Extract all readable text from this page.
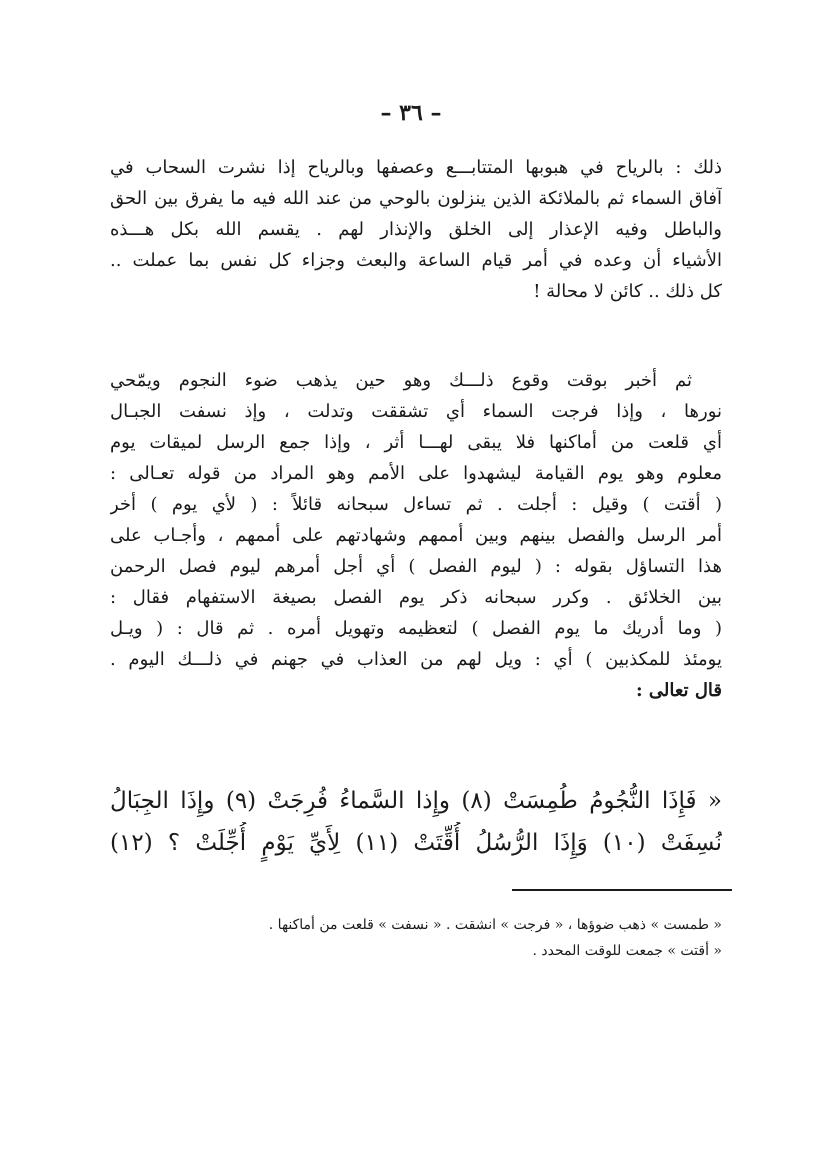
– ٣٦ –
ذلك : بالرياح في هبوبها المتتابـــع وعصفها وبالرياح إذا نشرت السحاب في
آفاق السماء ثم بالملائكة الذين ينزلون بالوحي من عند الله فيه ما يفرق بين الحق
والباطل وفيه الإعذار إلى الخلق والإنذار لهم . يقسم الله بكل هـــذه
الأشياء أن وعده في أمر قيام الساعة والبعث وجزاء كل نفس بما عملت ..
كل ذلك .. كائن لا محالة !
ثم أخبر بوقت وقوع ذلـــك وهو حين يذهب ضوء النجوم ويمّحي
نورها ، وإذا فرجت السماء أي تشققت وتدلت ، وإذ نسفت الجبـال
أي قلعت من أماكنها فلا يبقى لهـــا أثر ، وإذا جمع الرسل لميقات يوم
معلوم وهو يوم القيامة ليشهدوا على الأمم وهو المراد من قوله تعـالى :
( أقتت ) وقيل : أجلت . ثم تساءل سبحانه قائلاً : ( لأي يوم ) أخر
أمر الرسل والفصل بينهم وبين أممهم وشهادتهم على أممهم ، وأجـاب على
هذا التساؤل بقوله : ( ليوم الفصل ) أي أجل أمرهم ليوم فصل الرحمن
بين الخلائق . وكرر سبحانه ذكر يوم الفصل بصيغة الاستفهام فقال :
( وما أدريك ما يوم الفصل ) لتعظيمه وتهويل أمره . ثم قال : ( ويـل
يومئذ للمكذبين ) أي : ويل لهم من العذاب في جهنم في ذلـــك اليوم .
قال تعالى :
« فَإِذَا النُّجُومُ طُمِسَتْ (٨) وإِذا السَّماءُ فُرِجَتْ (٩) وإِذَا الجِبَالُ
نُسِفَتْ (١٠) وَإِذَا الرُّسُلُ أُقِّتَتْ (١١) لِأَيِّ يَوْمٍ أُجِّلَتْ ؟ (١٢)
« طمست » ذهب ضوؤها ، « فرجت » انشقت . « نسفت » قلعت من أماكنها .
« أقتت » جمعت للوقت المحدد .
